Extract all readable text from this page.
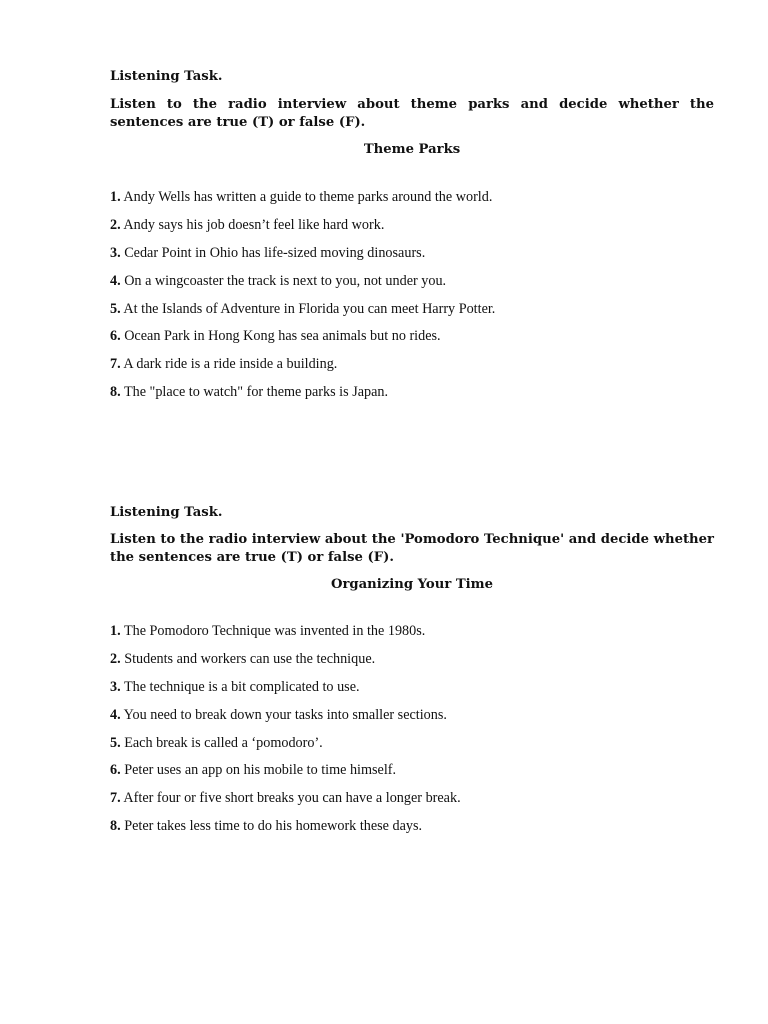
Listening Task.

Listen to the radio interview about theme parks and decide whether the sentences are true (T) or false (F).

Theme Parks

1. Andy Wells has written a guide to theme parks around the world.
2. Andy says his job doesn’t feel like hard work.
3. Cedar Point in Ohio has life-sized moving dinosaurs.
4. On a wingcoaster the track is next to you, not under you.
5. At the Islands of Adventure in Florida you can meet Harry Potter.
6. Ocean Park in Hong Kong has sea animals but no rides.
7. A dark ride is a ride inside a building.
8. The "place to watch" for theme parks is Japan.

Listening Task.

Listen to the radio interview about the 'Pomodoro Technique' and decide whether the sentences are true (T) or false (F).

Organizing Your Time

1. The Pomodoro Technique was invented in the 1980s.
2. Students and workers can use the technique.
3. The technique is a bit complicated to use.
4. You need to break down your tasks into smaller sections.
5. Each break is called a ‘pomodoro’.
6. Peter uses an app on his mobile to time himself.
7. After four or five short breaks you can have a longer break.
8. Peter takes less time to do his homework these days.
